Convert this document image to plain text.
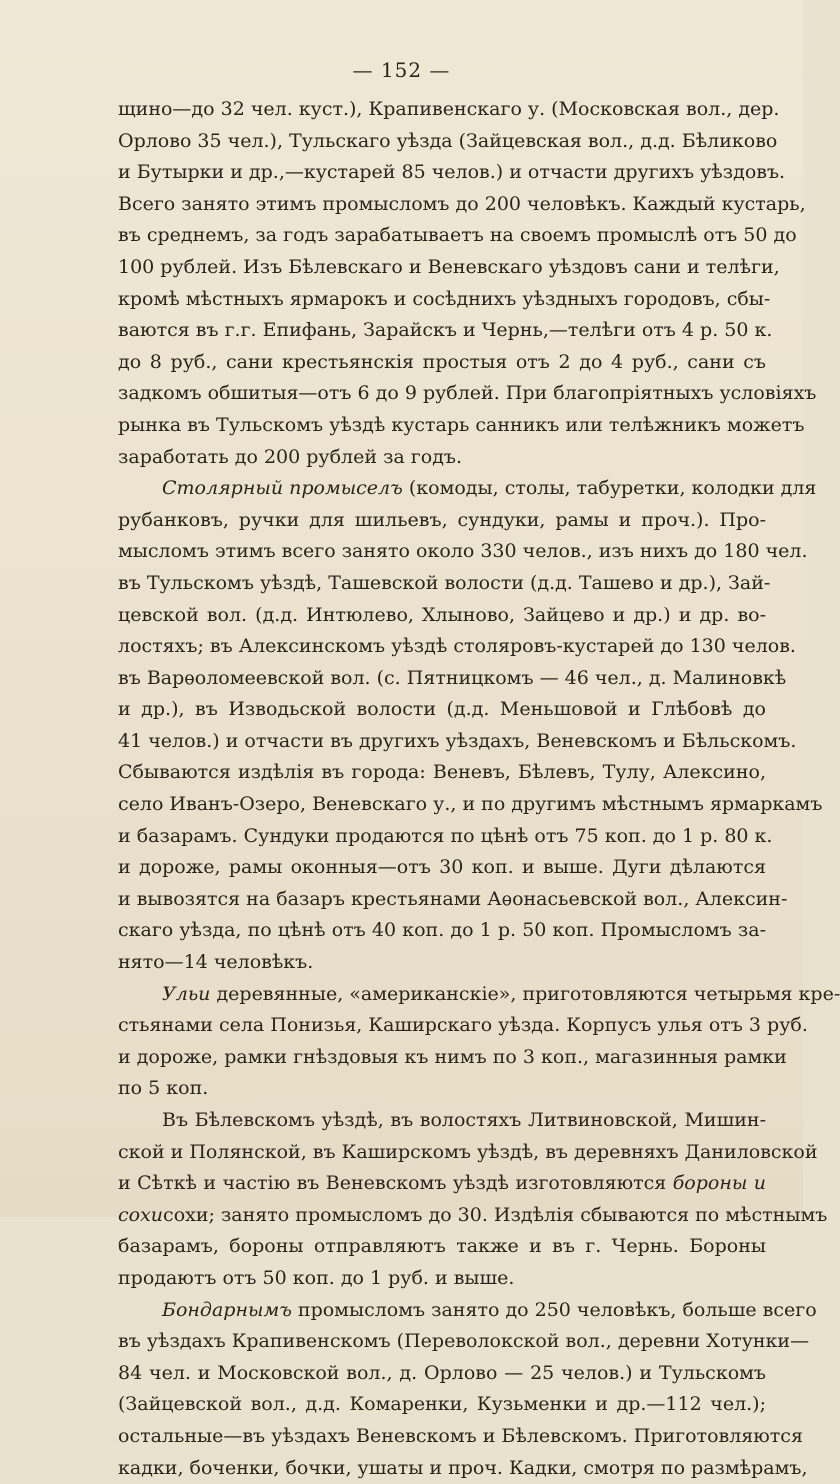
— 152 —
щино—до 32 чел. куст.), Крапивенскаго у. (Московская вол., дер.
Орлово 35 чел.), Тульскаго уѣзда (Зайцевская вол., д.д. Бѣликово
и Бутырки и др.,—кустарей 85 челов.) и отчасти другихъ уѣздовъ.
Всего занято этимъ промысломъ до 200 человѣкъ. Каждый кустарь,
въ среднемъ, за годъ зарабатываетъ на своемъ промыслѣ отъ 50 до
100 рублей. Изъ Бѣлевскаго и Веневскаго уѣздовъ сани и телѣги,
кромѣ мѣстныхъ ярмарокъ и сосѣднихъ уѣздныхъ городовъ, сбы-
ваются въ г.г. Епифань, Зарайскъ и Чернь,—телѣги отъ 4 р. 50 к.
до 8 руб., сани крестьянскія простыя отъ 2 до 4 руб., сани съ
задкомъ обшитыя—отъ 6 до 9 рублей. При благопріятныхъ условіяхъ
рынка въ Тульскомъ уѣздѣ кустарь санникъ или телѣжникъ можетъ
заработать до 200 рублей за годъ.
Столярный промыселъ (комоды, столы, табуретки, колодки для
рубанковъ, ручки для шильевъ, сундуки, рамы и проч.). Про-
мысломъ этимъ всего занято около 330 челов., изъ нихъ до 180 чел.
въ Тульскомъ уѣздѣ, Ташевской волости (д.д. Ташево и др.), Зай-
цевской вол. (д.д. Интюлево, Хлыново, Зайцево и др.) и др. во-
лостяхъ; въ Алексинскомъ уѣздѣ столяровъ-кустарей до 130 челов.
въ Варѳоломеевской вол. (с. Пятницкомъ — 46 чел., д. Малиновкѣ
и др.), въ Изводьской волости (д.д. Меньшовой и Глѣбовѣ до
41 челов.) и отчасти въ другихъ уѣздахъ, Веневскомъ и Бѣльскомъ.
Сбываются издѣлія въ города: Веневъ, Бѣлевъ, Тулу, Алексино,
село Иванъ-Озеро, Веневскаго у., и по другимъ мѣстнымъ ярмаркамъ
и базарамъ. Сундуки продаются по цѣнѣ отъ 75 коп. до 1 р. 80 к.
и дороже, рамы оконныя—отъ 30 коп. и выше. Дуги дѣлаются
и вывозятся на базаръ крестьянами Аѳонасьевской вол., Алексин-
скаго уѣзда, по цѣнѣ отъ 40 коп. до 1 р. 50 коп. Промысломъ за-
нято—14 человѣкъ.
Ульи деревянные, «американскіе», приготовляются четырьмя кре-
стьянами села Понизья, Каширскаго уѣзда. Корпусъ улья отъ 3 руб.
и дороже, рамки гнѣздовыя къ нимъ по 3 коп., магазинныя рамки
по 5 коп.
Въ Бѣлевскомъ уѣздѣ, въ волостяхъ Литвиновской, Мишин-
ской и Полянской, въ Каширскомъ уѣздѣ, въ деревняхъ Даниловской
и Сѣткѣ и частію въ Веневскомъ уѣздѣ изготовляются бороны и
сохисохи; занято промысломъ до 30. Издѣлія сбываются по мѣстнымъ
базарамъ, бороны отправляютъ также и въ г. Чернь. Бороны
продаютъ отъ 50 коп. до 1 руб. и выше.
Бондарнымъ промысломъ занято до 250 человѣкъ, больше всего
въ уѣздахъ Крапивенскомъ (Переволокской вол., деревни Хотунки—
84 чел. и Московской вол., д. Орлово — 25 челов.) и Тульскомъ
(Зайцевской вол., д.д. Комаренки, Кузьменки и др.—112 чел.);
остальные—въ уѣздахъ Веневскомъ и Бѣлевскомъ. Приготовляются
кадки, боченки, бочки, ушаты и проч. Кадки, смотря по размѣрамъ,
